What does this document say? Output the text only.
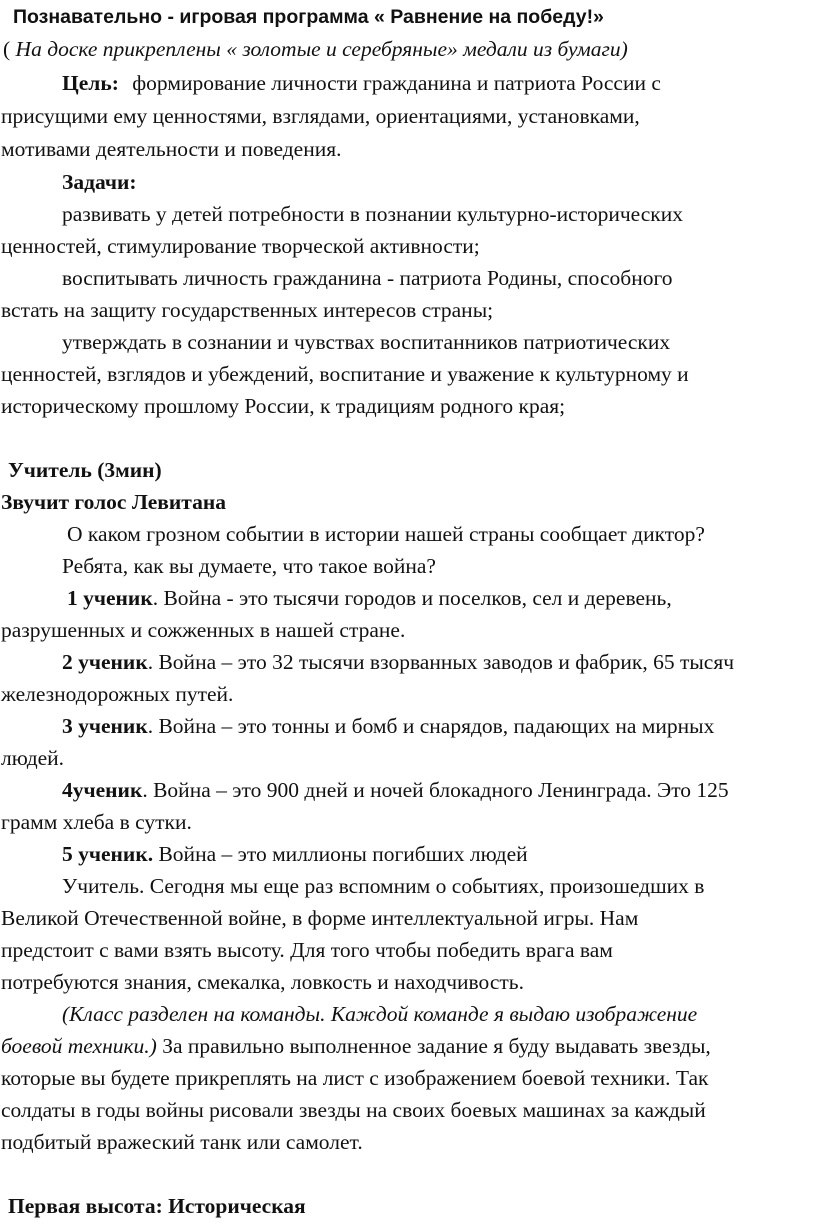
Познавательно - игровая программа « Равнение на победу!»
( На доске прикреплены « золотые и серебряные» медали из бумаги)
Цель: формирование личности гражданина и патриота России с
присущими ему ценностями, взглядами, ориентациями, установками,
мотивами деятельности и поведения.
Задачи:
развивать у детей потребности в познании культурно-исторических
ценностей, стимулирование творческой активности;
воспитывать личность гражданина - патриота Родины, способного
встать на защиту государственных интересов страны;
утверждать в сознании и чувствах воспитанников патриотических
ценностей, взглядов и убеждений, воспитание и уважение к культурному и
историческому прошлому России, к традициям родного края;
Учитель (3мин)
Звучит голос Левитана
О каком грозном событии в истории нашей страны сообщает диктор?
Ребята, как вы думаете, что такое война?
1 ученик. Война - это тысячи городов и поселков, сел и деревень,
разрушенных и сожженных в нашей стране.
2 ученик. Война – это 32 тысячи взорванных заводов и фабрик, 65 тысяч
железнодорожных путей.
3 ученик. Война – это тонны и бомб и снарядов, падающих на мирных
людей.
4ученик. Война – это 900 дней и ночей блокадного Ленинграда. Это 125
грамм хлеба в сутки.
5 ученик. Война – это миллионы погибших людей
Учитель. Сегодня мы еще раз вспомним о событиях, произошедших в
Великой Отечественной войне, в форме интеллектуальной игры. Нам
предстоит с вами взять высоту. Для того чтобы победить врага вам
потребуются знания, смекалка, ловкость и находчивость.
(Класс разделен на команды. Каждой команде я выдаю изображение
боевой техники.) За правильно выполненное задание я буду выдавать звезды,
которые вы будете прикреплять на лист с изображением боевой техники. Так
солдаты в годы войны рисовали звезды на своих боевых машинах за каждый
подбитый вражеский танк или самолет.
Первая высота: Историческая
